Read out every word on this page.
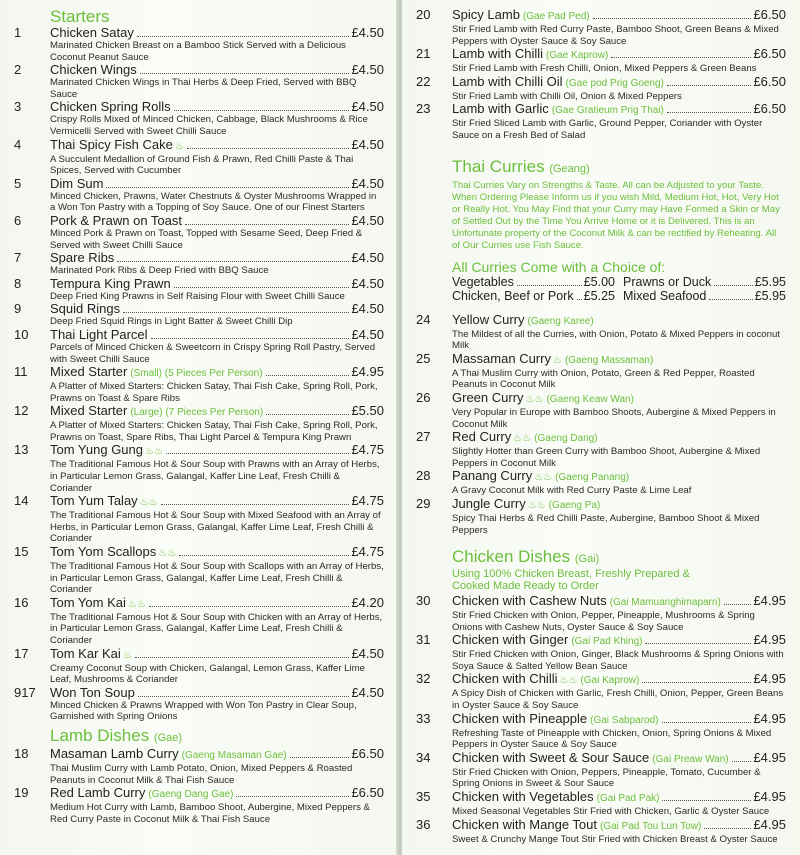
Starters
1	Chicken Satay	£4.50
Marinated Chicken Breast on a Bamboo Stick Served with a Delicious Coconut Peanut Sauce
2	Chicken Wings	£4.50
Marinated Chicken Wings in Thai Herbs & Deep Fried, Served with BBQ Sauce
3	Chicken Spring Rolls	£4.50
Crispy Rolls Mixed of Minced Chicken, Cabbage, Black Mushrooms & Rice Vermicelli Served with Sweet Chilli Sauce
4	Thai Spicy Fish Cake ♨	£4.50
A Succulent Medallion of Ground Fish & Prawn, Red Chilli Paste & Thai Spices, Served with Cucumber
5	Dim Sum	£4.50
Minced Chicken, Prawns, Water Chestnuts & Oyster Mushrooms Wrapped in a Won Ton Pastry with a Topping of Soy Sauce. One of our Finest Starters
6	Pork & Prawn on Toast	£4.50
Minced Pork & Prawn on Toast, Topped with Sesame Seed, Deep Fried & Served with Sweet Chilli Sauce
7	Spare Ribs	£4.50
Marinated Pork Ribs & Deep Fried with BBQ Sauce
8	Tempura King Prawn	£4.50
Deep Fried King Prawns in Self Raising Flour with Sweet Chilli Sauce
9	Squid Rings	£4.50
Deep Fried Squid Rings in Light Batter & Sweet Chilli Dip
10	Thai Light Parcel	£4.50
Parcels of Minced Chicken & Sweetcorn in Crispy Spring Roll Pastry, Served with Sweet Chilli Sauce
11	Mixed Starter (Small) (5 Pieces Per Person)	£4.95
A Platter of Mixed Starters: Chicken Satay, Thai Fish Cake, Spring Roll, Pork, Prawns on Toast & Spare Ribs
12	Mixed Starter (Large) (7 Pieces Per Person)	£5.50
A Platter of Mixed Starters: Chicken Satay, Thai Fish Cake, Spring Roll, Pork, Prawns on Toast, Spare Ribs, Thai Light Parcel & Tempura King Prawn
13	Tom Yung Gung ♨♨	£4.75
The Traditional Famous Hot & Sour Soup with Prawns with an Array of Herbs, in Particular Lemon Grass, Galangal, Kaffer Line Leaf, Fresh Chilli & Coriander
14	Tom Yum Talay ♨♨	£4.75
The Traditional Famous Hot & Sour Soup with Mixed Seafood with an Array of Herbs, in Particular Lemon Grass, Galangal, Kaffer Lime Leaf, Fresh Chilli & Coriander
15	Tom Yom Scallops ♨♨	£4.75
The Traditional Famous Hot & Sour Soup with Scallops with an Array of Herbs, in Particular Lemon Grass, Galangal, Kaffer Lime Leaf, Fresh Chilli & Coriander
16	Tom Yom Kai ♨♨	£4.20
The Traditional Famous Hot & Sour Soup with Chicken with an Array of Herbs, in Particular Lemon Grass, Galangal, Kaffer Lime Leaf, Fresh Chilli & Coriander
17	Tom Kar Kai ♨	£4.50
Creamy Coconut Soup with Chicken, Galangal, Lemon Grass, Kaffer Lime Leaf, Mushrooms & Coriander
917	Won Ton Soup	£4.50
Minced Chicken & Prawns Wrapped with Won Ton Pastry in Clear Soup, Garnished with Spring Onions
Lamb Dishes (Gae)
18	Masaman Lamb Curry (Gaeng Masaman Gae)	£6.50
Thai Muslim Curry with Lamb Potato, Onion, Mixed Peppers & Roasted Peanuts in Coconut Milk & Thai Fish Sauce
19	Red Lamb Curry (Gaeng Dang Gae)	£6.50
Medium Hot Curry with Lamb, Bamboo Shoot, Aubergine, Mixed Peppers & Red Curry Paste in Coconut Milk & Thai Fish Sauce
20	Spicy Lamb (Gae Pad Ped)	£6.50
Stir Fried Lamb with Red Curry Paste, Bamboo Shoot, Green Beans & Mixed Peppers with Oyster Sauce & Soy Sauce
21	Lamb with Chilli (Gae Kaprow)	£6.50
Stir Fried Lamb with Fresh Chilli, Onion, Mixed Peppers & Green Beans
22	Lamb with Chilli Oil (Gae pod Prig Goeng)	£6.50
Stir Fried Lamb with Chilli Oil, Onion & Mixed Peppers
23	Lamb with Garlic (Gae Gratieum Prig Thai)	£6.50
Stir Fried Sliced Lamb with Garlic, Ground Pepper, Coriander with Oyster Sauce on a Fresh Bed of Salad
Thai Curries (Geang)
Thai Curries Vary on Strengths & Taste. All can be Adjusted to your Taste. When Ordering Please Inform us if you wish Mild, Medium Hot, Hot, Very Hot or Really Hot. You May Find that your Curry may Have Formed a Skin or May of Settled Out by the Time You Arrive Home or it is Delivered. This is an Unfortunate property of the Coconut Milk & can be rectified by Reheating. All of Our Curries use Fish Sauce.
All Curries Come with a Choice of:
Vegetables	£5.00 Prawns or Duck	£5.95
Chicken, Beef or Pork £5.25 Mixed Seafood	£5.95
24	Yellow Curry (Gaeng Karee)
The Mildest of all the Curries, with Onion, Potato & Mixed Peppers in coconut Milk
25	Massaman Curry ♨ (Gaeng Massaman)
A Thai Muslim Curry with Onion, Potato, Green & Red Pepper, Roasted Peanuts in Coconut Milk
26	Green Curry ♨♨ (Gaeng Keaw Wan)
Very Popular in Europe with Bamboo Shoots, Aubergine & Mixed Peppers in Coconut Milk
27	Red Curry ♨♨ (Gaeng Dang)
Slightly Hotter than Green Curry with Bamboo Shoot, Aubergine & Mixed Peppers in Coconut Milk
28	Panang Curry ♨♨ (Gaeng Panang)
A Gravy Coconut Milk with Red Curry Paste & Lime Leaf
29	Jungle Curry ♨♨ (Gaeng Pa)
Spicy Thai Herbs & Red Chilli Paste, Aubergine, Bamboo Shoot & Mixed Peppers
Chicken Dishes (Gai)
Using 100% Chicken Breast, Freshly Prepared &
Cooked Made Ready to Order
30	Chicken with Cashew Nuts (Gai Mamuanghimaparn)	£4.95
Stir Fried Chicken with Onion, Pepper, Pineapple, Mushrooms & Spring Onions with Cashew Nuts, Oyster Sauce & Soy Sauce
31	Chicken with Ginger (Gai Pad Khing)	£4.95
Stir Fried Chicken with Onion, Ginger, Black Mushrooms & Spring Onions with Soya Sauce & Salted Yellow Bean Sauce
32	Chicken with Chilli ♨♨ (Gai Kaprow)	£4.95
A Spicy Dish of Chicken with Garlic, Fresh Chilli, Onion, Pepper, Green Beans in Oyster Sauce & Soy Sauce
33	Chicken with Pineapple (Gai Sabparod)	£4.95
Refreshing Taste of Pineapple with Chicken, Onion, Spring Onions & Mixed Peppers in Oyster Sauce & Soy Sauce
34	Chicken with Sweet & Sour Sauce (Gai Preaw Wan) £4.95
Stir Fried Chicken with Onion, Peppers, Pineapple, Tomato, Cucumber & Spring Onions in Sweet & Sour Sauce
35	Chicken with Vegetables (Gai Pad Pak)	£4.95
Mixed Seasonal Vegetables Stir Fried with Chicken, Garlic & Oyster Sauce
36	Chicken with Mange Tout (Gai Pad Tou Lun Tow)	£4.95
Sweet & Crunchy Mange Tout Stir Fried with Chicken Breast & Oyster Sauce
